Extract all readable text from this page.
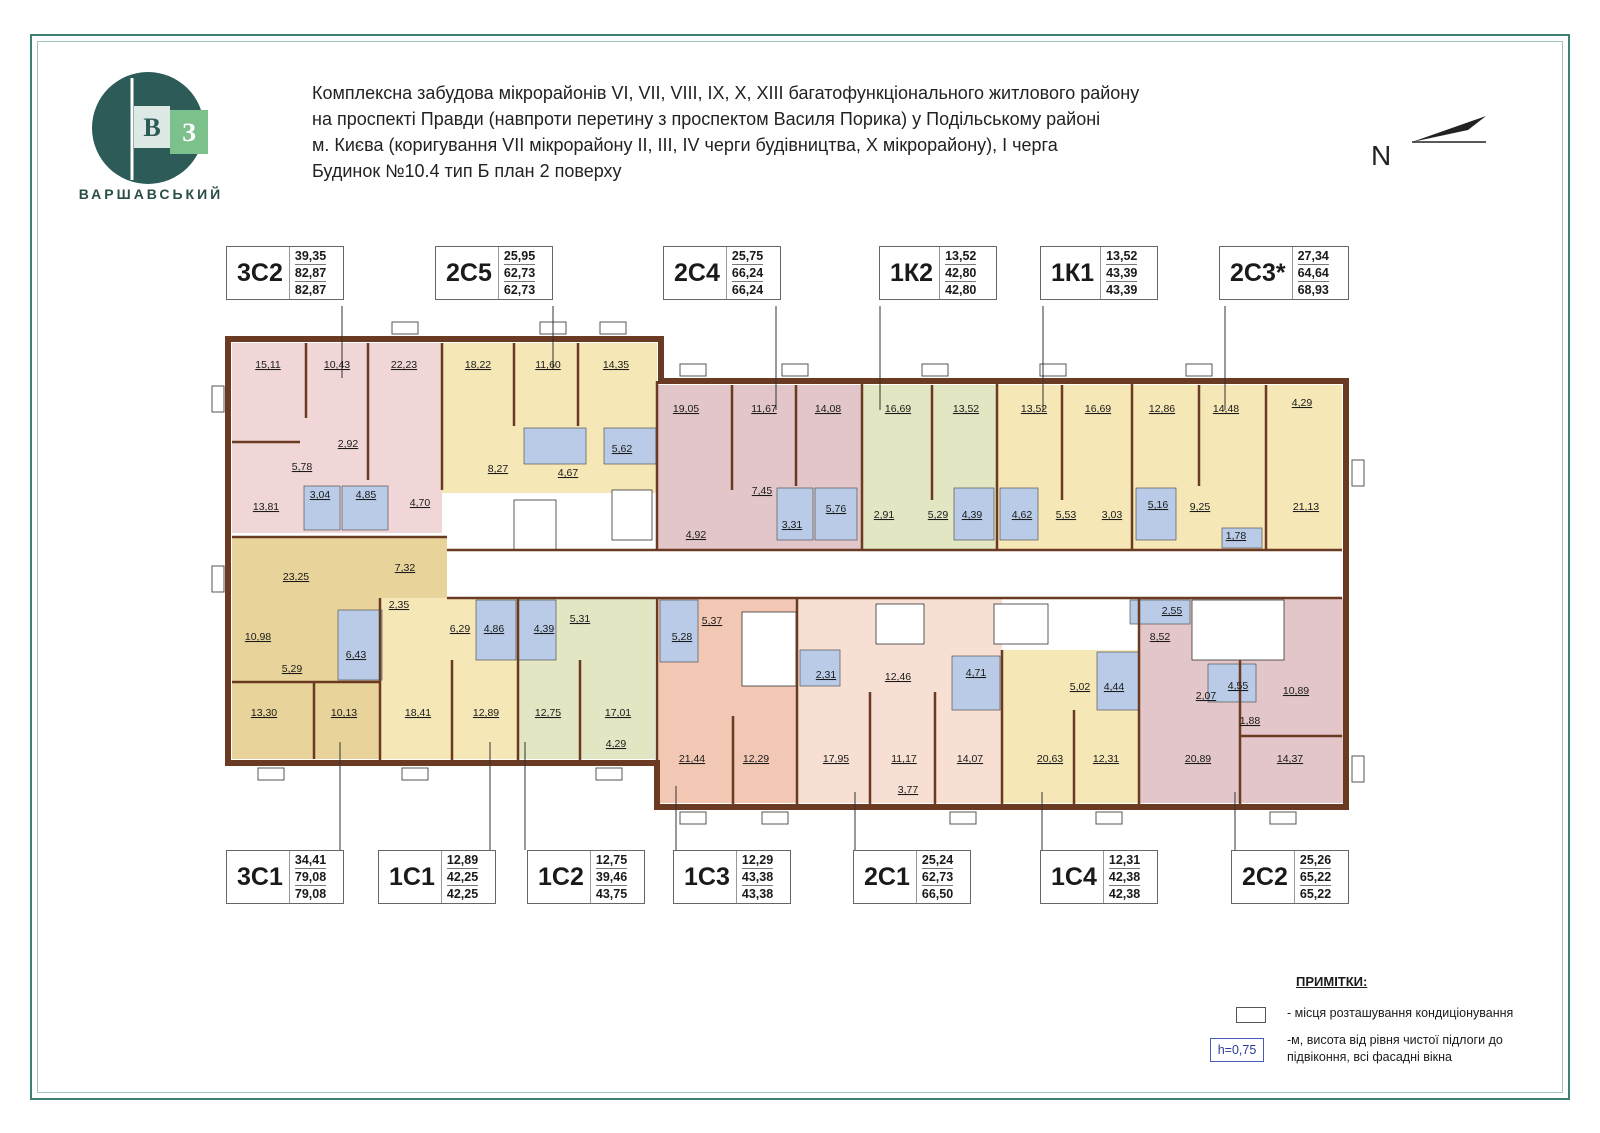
В З
ВАРШАВСЬКИЙ
Комплексна забудова мікрорайонів VI, VII, VIII, IX, X, XIII багатофункціонального житлового району
на проспекті Правди (навпроти перетину з проспектом Василя Порика) у Подільському районі
м. Києва (коригування VII мікрорайону II, III, IV черги будівництва, X мікрорайону), I черга
Будинок №10.4 тип Б план 2 поверху	N
15,11	10,43	22,23
2,92
5,78
13,81
3,04 4,85
4,70
18,22	11,60	14,35
8,27	4,67
5,62
19,05	11,67	14,08
7,45
3,31
5,76
4,92
16,69	13,52
2,91	5,29 4,39
13,52	16,69
4,62 5,53 3,03
12,86	14,48	4,29
9,25
5,16	21,13
1,78
23,25
7,32
2,35
10,98
6,43
5,29
13,30	10,13
6,29 4,86	4,39
5,31
18,41	12,89	12,75	17,01
4,29
5,28
5,37
21,44	12,29
2,31	12,46
17,95	11,17	14,07
3,77
4,71
5,02 4,44
20,63	12,31
2,55
8,52
2,07
4,55
1,88
10,89
20,89	14,37
3С2
39,35
82,87
82,87
2С5
25,95
62,73
62,73
2С4
25,75
66,24
66,24
1К2
13,52
42,80
42,80
1К1
13,52
43,39
43,39
2С3*
27,34
64,64
68,93
3С1
34,41
79,08
79,08
1С1
12,89
42,25
42,25
1С2
12,75
39,46
43,75
1С3
12,29
43,38
43,38
2С1
25,24
62,73
66,50
1С4
12,31
42,38
42,38
2С2
25,26
65,22
65,22
ПРИМІТКИ:
- місця розташування кондиціонування
h=0,75
-м, висота від рівня чистої підлоги до підвіконня, всі фасадні вікна
